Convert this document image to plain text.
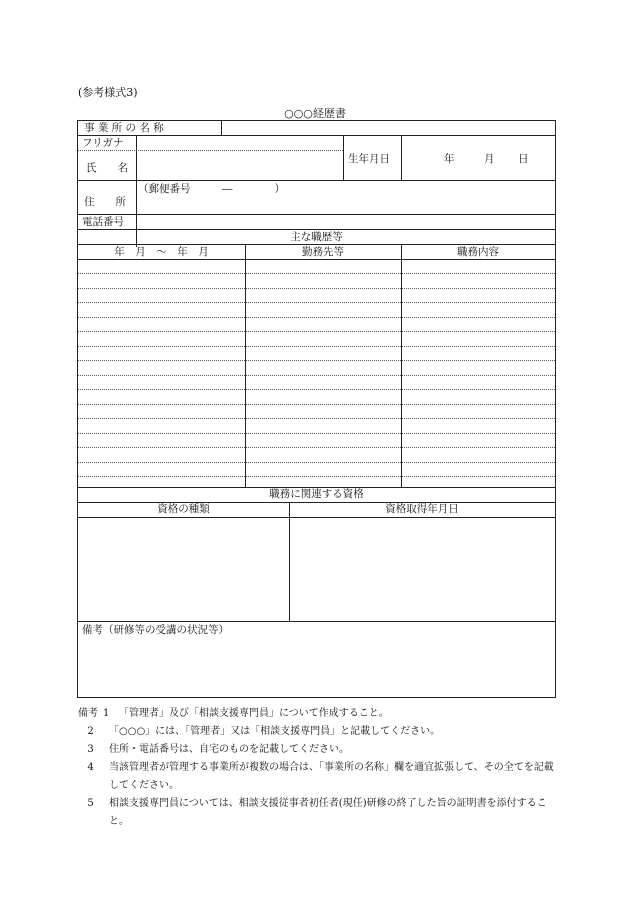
(参考様式3)
○○○経歴書
事 業 所 の 名 称
フリガナ
氏　　名
生年月日	年	月 日
住　　所
（郵便番号　　　―　　　　）
電話番号
主な職歴等
年　月　～　年　月	勤務先等	職務内容
職務に関連する資格
資格の種類	資格取得年月日
備考（研修等の受講の状況等）
備考 1 「管理者」及び「相談支援専門員」について作成すること。
2	「○○○」には、「管理者」又は「相談支援専門員」と記載してください。
3	住所・電話番号は、自宅のものを記載してください。
4	当該管理者が管理する事業所が複数の場合は、「事業所の名称」欄を適宜拡張して、その全てを記載してください。
5	相談支援専門員については、相談支援従事者初任者(現任)研修の終了した旨の証明書を添付すること。
